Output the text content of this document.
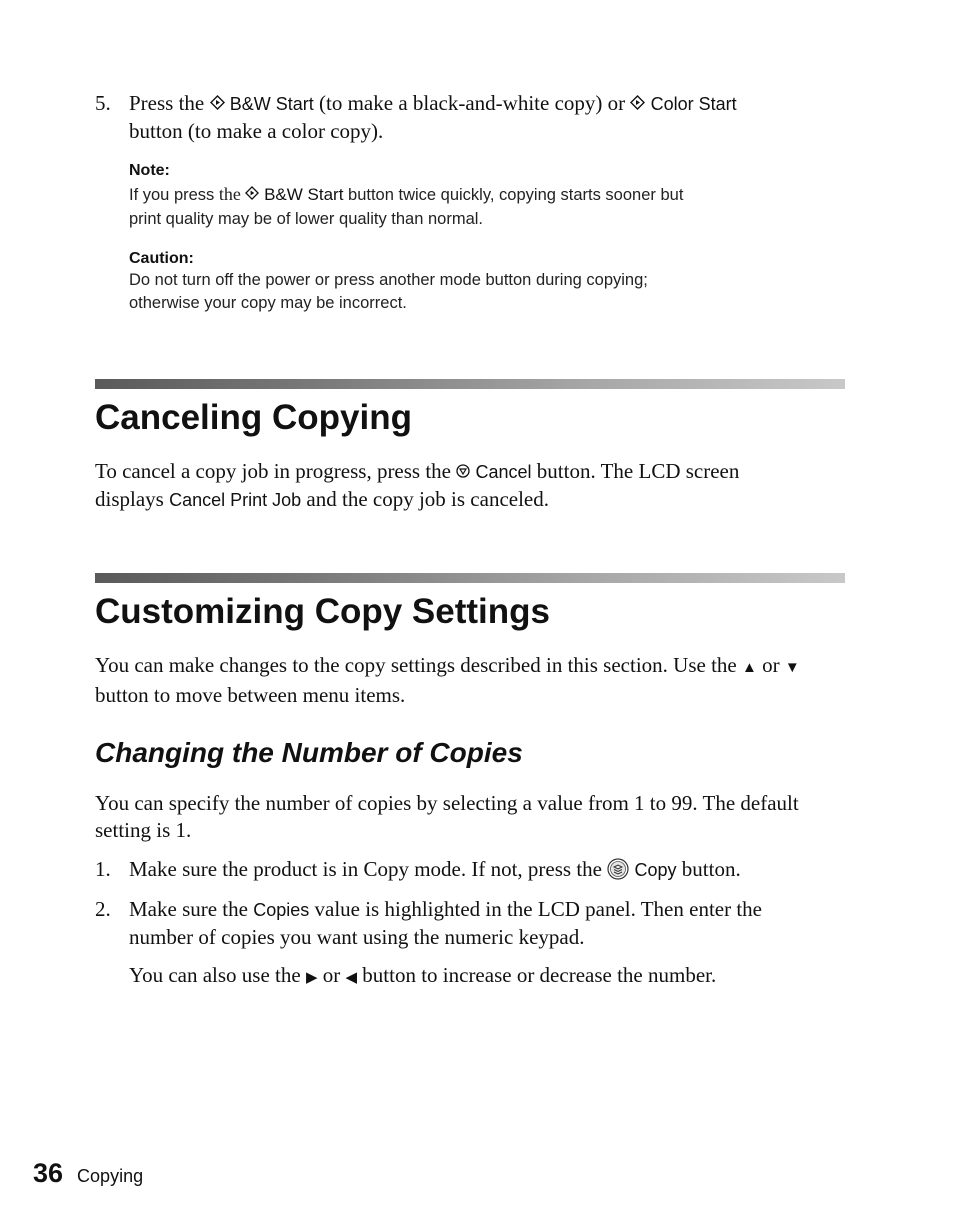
5. Press the B&W Start (to make a black-and-white copy) or Color Start
button (to make a color copy).
Note:
If you press the B&W Start button twice quickly, copying starts sooner but
print quality may be of lower quality than normal.
Caution:
Do not turn off the power or press another mode button during copying;
otherwise your copy may be incorrect.
Canceling Copying
To cancel a copy job in progress, press the Cancel button. The LCD screen
displays Cancel Print Job and the copy job is canceled.
Customizing Copy Settings
You can make changes to the copy settings described in this section. Use the ▲ or ▼
button to move between menu items.
Changing the Number of Copies
You can specify the number of copies by selecting a value from 1 to 99. The default
setting is 1.
1. Make sure the product is in Copy mode. If not, press the Copy button.
2. Make sure the Copies value is highlighted in the LCD panel. Then enter the
number of copies you want using the numeric keypad.
You can also use the ▶ or ◀ button to increase or decrease the number.
36 Copying
